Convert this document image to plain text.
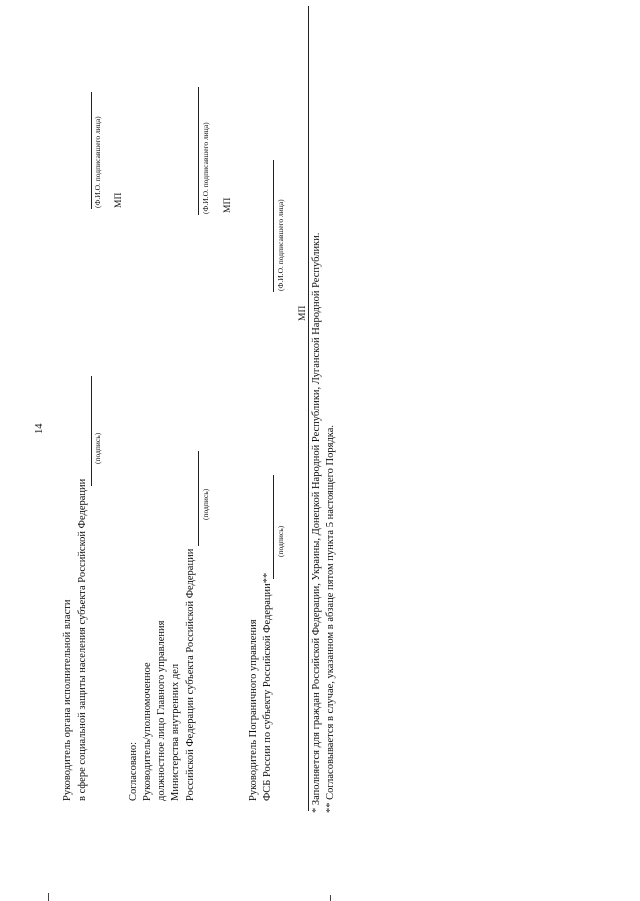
14
Руководитель органа исполнительной власти в сфере социальной защиты населения субъекта Российской Федерации
(подпись)
(Ф.И.О. подписавшего лица) МП
Согласовано: Руководитель/уполномоченное должностное лицо Главного управления Министерства внутренних дел Российской Федерации субъекта Российской Федерации
(подпись)
(Ф.И.О. подписавшего лица) МП
Руководитель Пограничного управления ФСБ России по субъекту Российской Федерации**
(подпись)
(Ф.И.О. подписавшего лица)
МП * Заполняется для граждан Российской Федерации, Украины, Донецкой Народной Республики, Луганской Народной Республики. ** Согласовывается в случае, указанном в абзаце пятом пункта 5 настоящего Порядка.
